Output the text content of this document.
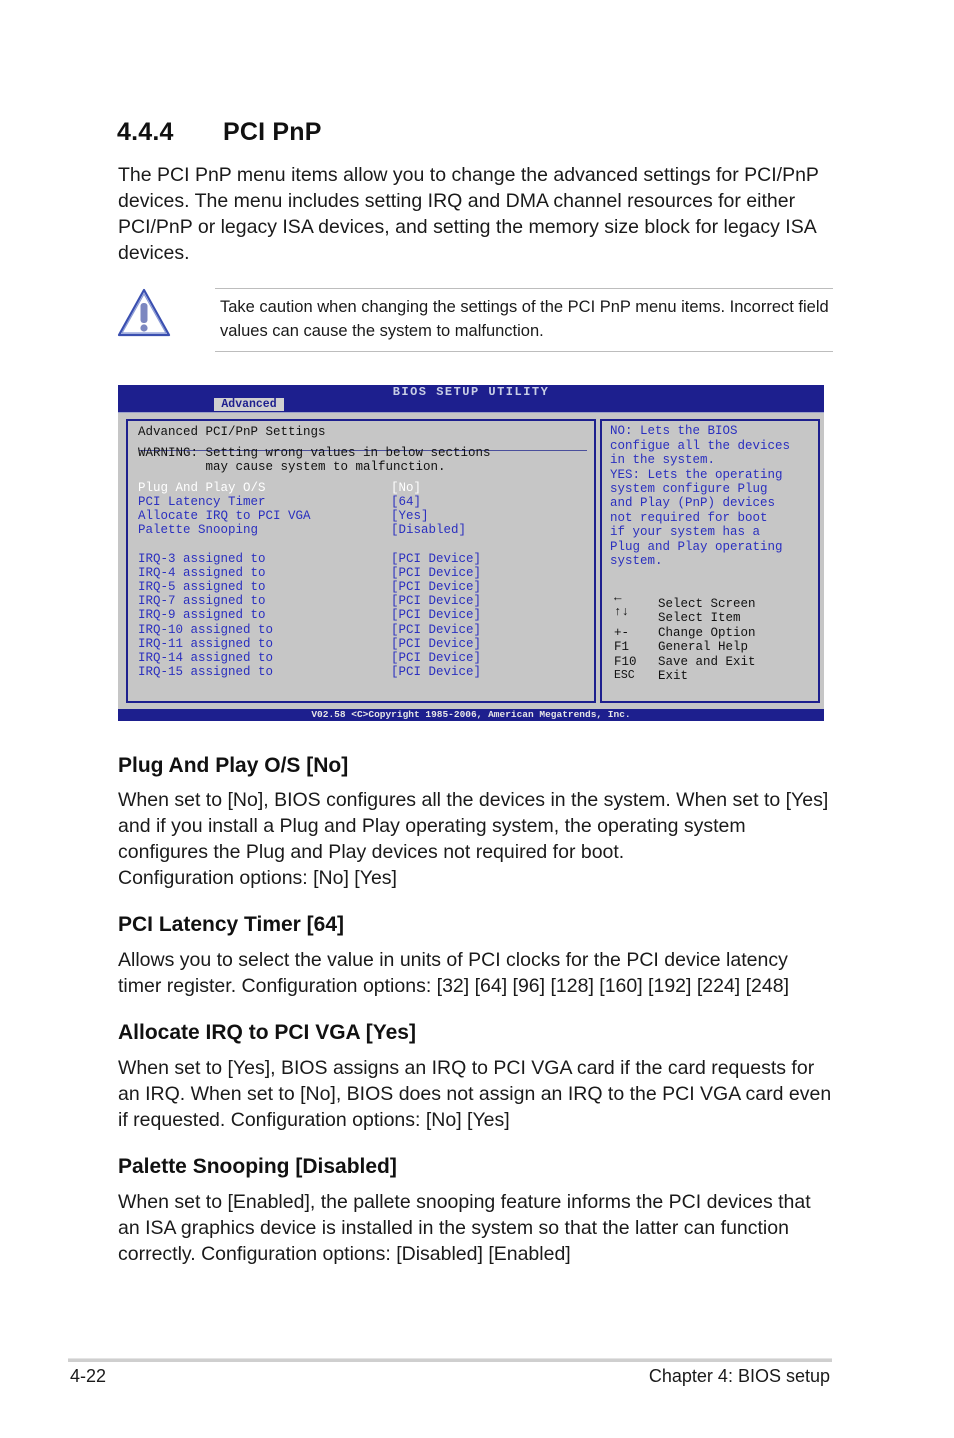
4.4.4 PCI PnP
The PCI PnP menu items allow you to change the advanced settings for PCI/PnP devices. The menu includes setting IRQ and DMA channel resources for either PCI/PnP or legacy ISA devices, and setting the memory size block for legacy ISA devices.
Take caution when changing the settings of the PCI PnP menu items. Incorrect field values can cause the system to malfunction.
BIOS SETUP UTILITY
Advanced
Advanced PCI/PnP Settings
WARNING: Setting wrong values in below sections
may cause system to malfunction.
Plug And Play O/S	[No]
PCI Latency Timer	[64]
Allocate IRQ to PCI VGA	[Yes]
Palette Snooping	[Disabled]
IRQ-3 assigned to	[PCI Device]
IRQ-4 assigned to	[PCI Device]
IRQ-5 assigned to	[PCI Device]
IRQ-7 assigned to	[PCI Device]
IRQ-9 assigned to	[PCI Device]
IRQ-10 assigned to	[PCI Device]
IRQ-11 assigned to	[PCI Device]
IRQ-14 assigned to	[PCI Device]
IRQ-15 assigned to	[PCI Device]
NO: Lets the BIOS
configue all the devices
in the system.
YES: Lets the operating
system configure Plug
and Play (PnP) devices
not required for boot
if your system has a
Plug and Play operating
system.
←	Select Screen
↑↓ Select Item
+- Change Option
F1 General Help
F10 Save and Exit
ESC Exit
V02.58 <C>Copyright 1985-2006, American Megatrends, Inc.
Plug And Play O/S [No]
When set to [No], BIOS configures all the devices in the system. When set to [Yes] and if you install a Plug and Play operating system, the operating system configures the Plug and Play devices not required for boot.
Configuration options: [No] [Yes]
PCI Latency Timer [64]
Allows you to select the value in units of PCI clocks for the PCI device latency timer register. Configuration options: [32] [64] [96] [128] [160] [192] [224] [248]
Allocate IRQ to PCI VGA [Yes]
When set to [Yes], BIOS assigns an IRQ to PCI VGA card if the card requests for an IRQ. When set to [No], BIOS does not assign an IRQ to the PCI VGA card even if requested. Configuration options: [No] [Yes]
Palette Snooping [Disabled]
When set to [Enabled], the pallete snooping feature informs the PCI devices that an ISA graphics device is installed in the system so that the latter can function correctly. Configuration options: [Disabled] [Enabled]
4-22	Chapter 4: BIOS setup
